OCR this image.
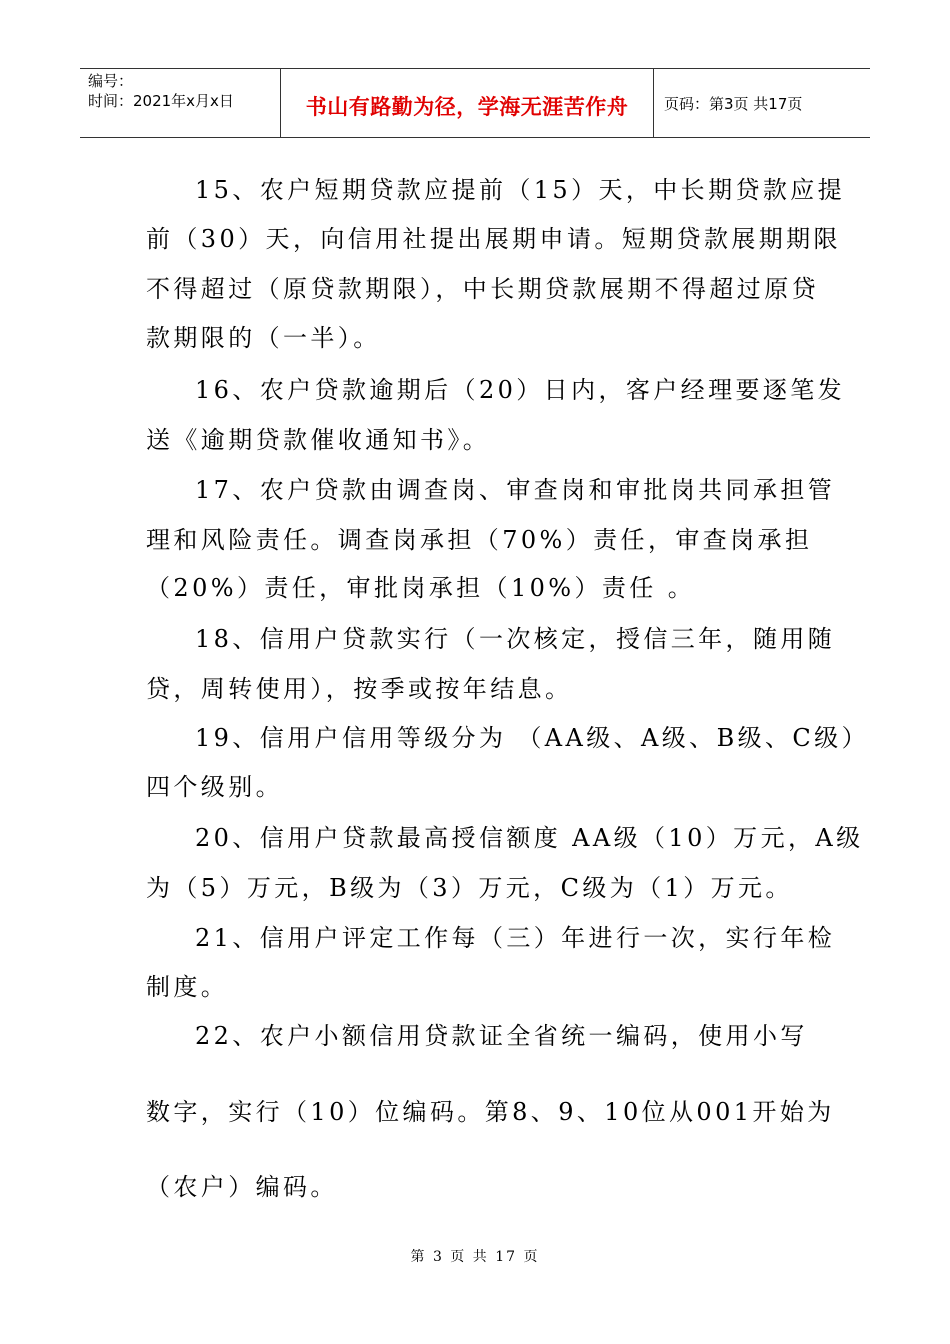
编号：
时间：2021年x月x日	书山有路勤为径，学海无涯苦作舟	页码：第3页 共17页
15、农户短期贷款应提前（15）天，中长期贷款应提
前（30）天，向信用社提出展期申请。短期贷款展期期限
不得超过（原贷款期限），中长期贷款展期不得超过原贷
款期限的（一半）。
16、农户贷款逾期后（20）日内，客户经理要逐笔发
送《逾期贷款催收通知书》。
17、农户贷款由调查岗、审查岗和审批岗共同承担管
理和风险责任。调查岗承担（70%）责任，审查岗承担
（20%）责任，审批岗承担（10%）责任 。
18、信用户贷款实行（一次核定，授信三年，随用随
贷，周转使用），按季或按年结息。
19、信用户信用等级分为 （AA级、A级、B级、C级）
四个级别。
20、信用户贷款最高授信额度 AA级（10）万元，A级
为（5）万元，B级为（3）万元，C级为（1）万元。
21、信用户评定工作每（三）年进行一次，实行年检
制度。
22、农户小额信用贷款证全省统一编码，使用小写
数字，实行（10）位编码。第8、9、10位从001开始为
（农户）编码。
第 3 页 共 17 页
